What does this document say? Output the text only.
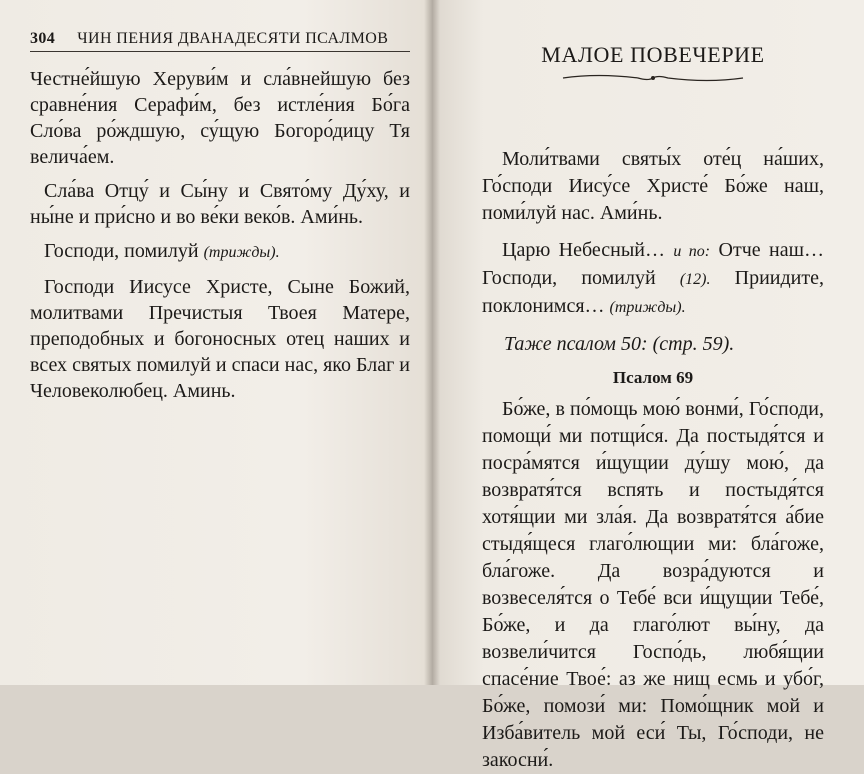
304 ЧИН ПЕНИЯ ДВАНАДЕСЯТИ ПСАЛМОВ

Честне́йшую Херуви́м и сла́внейшую без сравне́ния Серафи́м, без истле́ния Бо́га Сло́ва ро́ждшую, су́щую Богоро́дицу Тя велича́ем.

Сла́ва Отцу́ и Сы́ну и Свято́му Ду́ху, и ны́не и при́сно и во ве́ки веко́в. Ами́нь.

Господи, помилуй (трижды).

Господи Иисусе Христе, Сыне Божий, молитвами Пречистыя Твоея Матере, преподобных и богоносных отец наших и всех святых помилуй и спаси нас, яко Благ и Человеколюбец. Аминь.

МАЛОЕ ПОВЕЧЕРИЕ

Моли́твами святы́х оте́ц на́ших, Го́споди Иису́се Христе́ Бо́же наш, поми́луй нас. Ами́нь.

Царю Небесный… и по: Отче наш… Господи, помилуй (12). Приидите, поклонимся… (трижды).

Таже псалом 50: (стр. 59).

Псалом 69

Бо́же, в по́мощь мою́ вонми́, Го́споди, помощи́ ми потщи́ся. Да постыдя́тся и посра́мятся и́щущии ду́шу мою́, да возвратя́тся вспять и постыдя́тся хотя́щии ми зла́я. Да возвратя́тся а́бие стыдя́щеся глаго́лющии ми: бла́гоже, бла́гоже. Да возра́дуются и возвеселя́тся о Тебе́ вси и́щущии Тебе́, Бо́же, и да глаго́лют вы́ну, да возвели́чится Госпо́дь, любя́щии спасе́ние Твое́: аз же нищ есмь и убо́г, Бо́же, помози́ ми: Помо́щник мой и Изба́витель мой еси́ Ты, Го́споди, не закосни́.
